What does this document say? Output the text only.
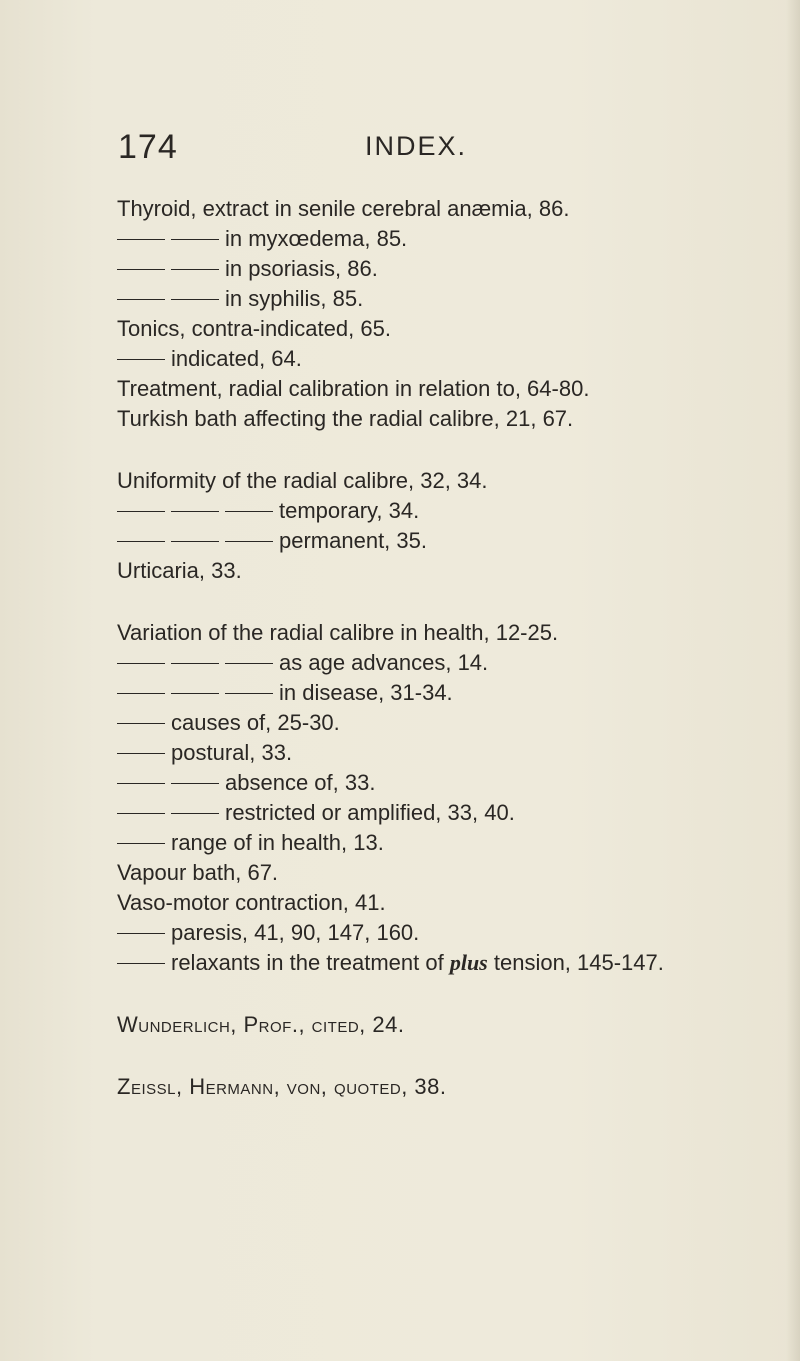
174	INDEX.
Thyroid, extract in senile cerebral anæmia, 86.
in myxœdema, 85.
in psoriasis, 86.
in syphilis, 85.
Tonics, contra-indicated, 65.
indicated, 64.
Treatment, radial calibration in relation to, 64-80.
Turkish bath affecting the radial calibre, 21, 67.
Uniformity of the radial calibre, 32, 34.
temporary, 34.
permanent, 35.
Urticaria, 33.
Variation of the radial calibre in health, 12-25.
as age advances, 14.
in disease, 31-34.
causes of, 25-30.
postural, 33.
absence of, 33.
restricted or amplified, 33, 40.
range of in health, 13.
Vapour bath, 67.
Vaso-motor contraction, 41.
paresis, 41, 90, 147, 160.
relaxants in the treatment of plus tension, 145-147.
Wunderlich, Prof., cited, 24.
Zeissl, Hermann, von, quoted, 38.
